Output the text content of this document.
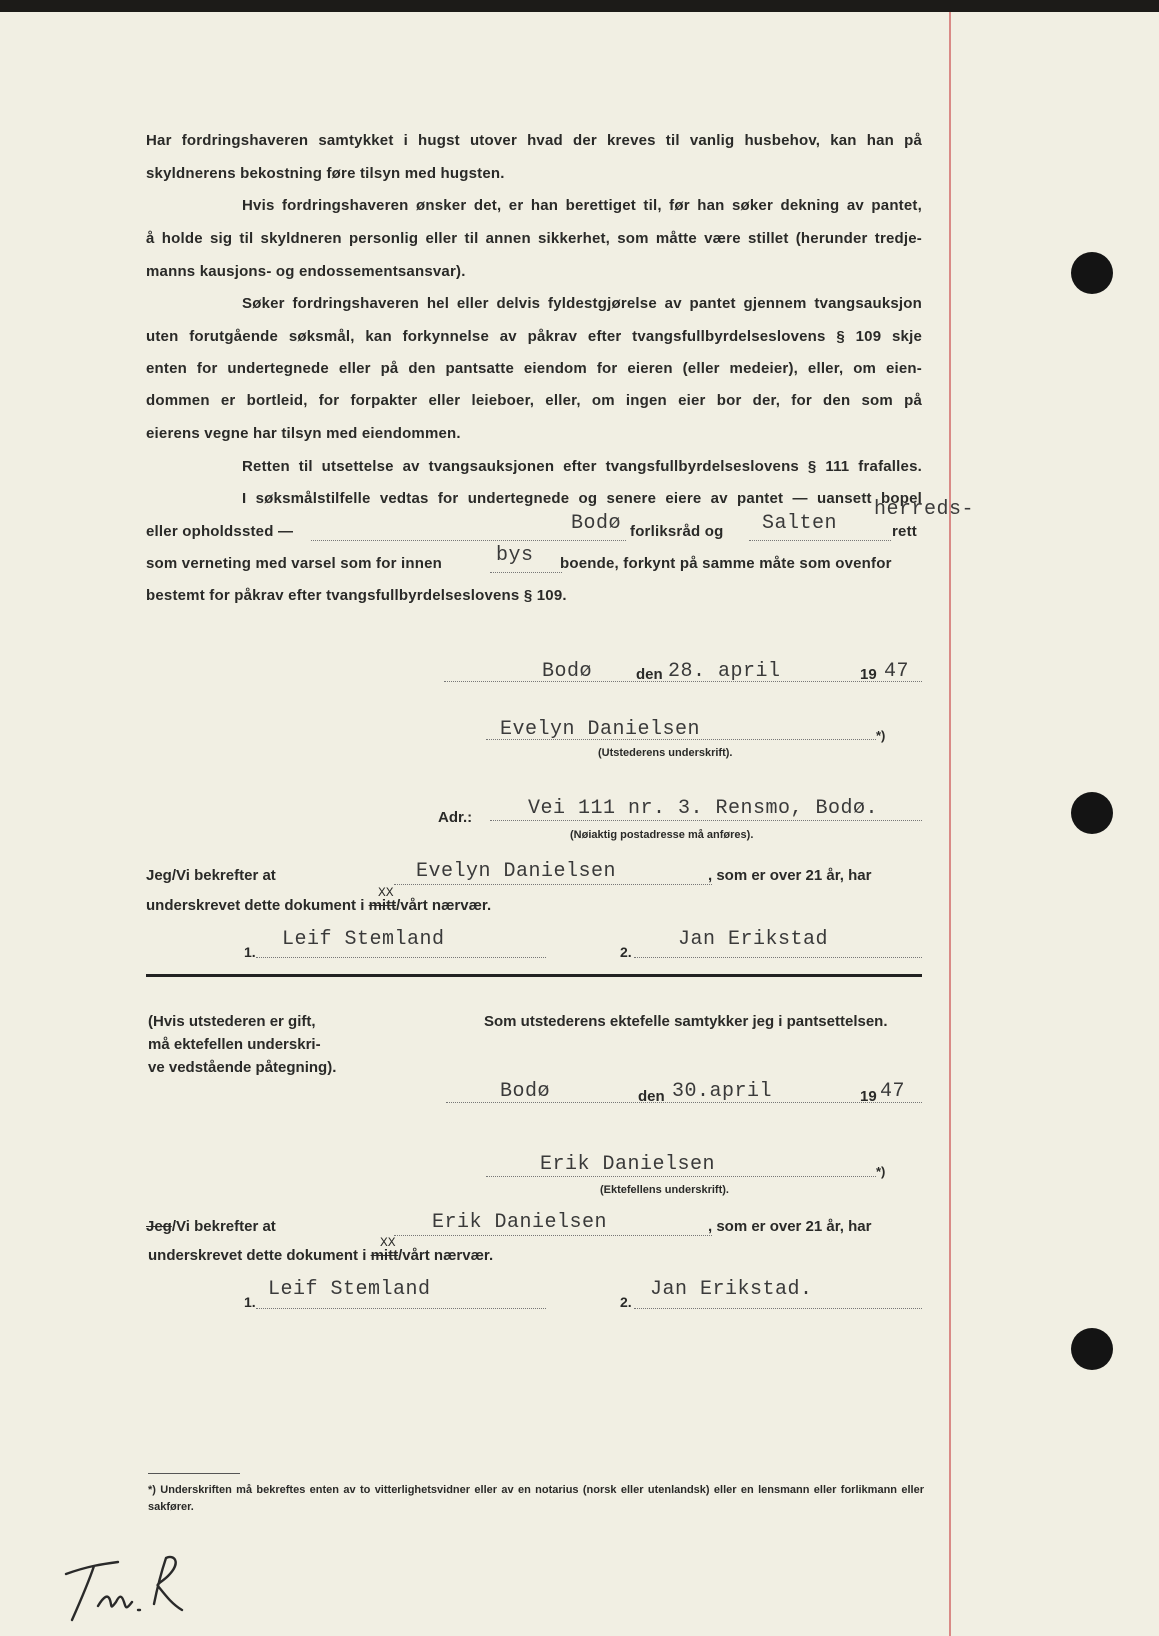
Har fordringshaveren samtykket i hugst utover hvad der kreves til vanlig husbehov, kan han på
skyldnerens bekostning føre tilsyn med hugsten.
Hvis fordringshaveren ønsker det, er han berettiget til, før han søker dekning av pantet,
å holde sig til skyldneren personlig eller til annen sikkerhet, som måtte være stillet (herunder tredje-
manns kausjons- og endossementsansvar).
Søker fordringshaveren hel eller delvis fyldestgjørelse av pantet gjennem tvangsauksjon
uten forutgående søksmål, kan forkynnelse av påkrav efter tvangsfullbyrdelseslovens § 109 skje
enten for undertegnede eller på den pantsatte eiendom for eieren (eller medeier), eller, om eien-
dommen er bortleid, for forpakter eller leieboer, eller, om ingen eier bor der, for den som på
eierens vegne har tilsyn med eiendommen.
Retten til utsettelse av tvangsauksjonen efter tvangsfullbyrdelseslovens § 111 frafalles.
I søksmålstilfelle vedtas for undertegnede og senere eiere av pantet — uansett bopel
eller opholdssted —	Bodø forliksråd og Salten
herreds-
rett
som verneting med varsel som for innen	bys boende, forkynt på samme måte som ovenfor
bestemt for påkrav efter tvangsfullbyrdelseslovens § 109.
Bodø	den 28. april	19 47
Evelyn Danielsen	*)
(Utstederens underskrift).
Adr.:	Vei 111 nr. 3. Rensmo, Bodø.
(Nøiaktig postadresse må anføres).
Jeg/Vi bekrefter at	Evelyn Danielsen	, som er over 21 år, har
underskrevet dette dokument i mitt/vårt nærvær.
XX
1.
Leif Stemland
2.
Jan Erikstad
(Hvis utstederen er gift,
må ektefellen underskri-
ve vedstående påtegning).
Som utstederens ektefelle samtykker jeg i pantsettelsen.
Bodø	den 30.april	19 47
Erik Danielsen	*)
(Ektefellens underskrift).
Jeg/Vi bekrefter at	Erik Danielsen	, som er over 21 år, har
underskrevet dette dokument i mitt/vårt nærvær.
XX
1.
Leif Stemland
2.
Jan Erikstad.
*) Underskriften må bekreftes enten av to vitterlighetsvidner eller av en notarius (norsk eller utenlandsk) eller en lensmann eller forlikmann eller sakfører.
